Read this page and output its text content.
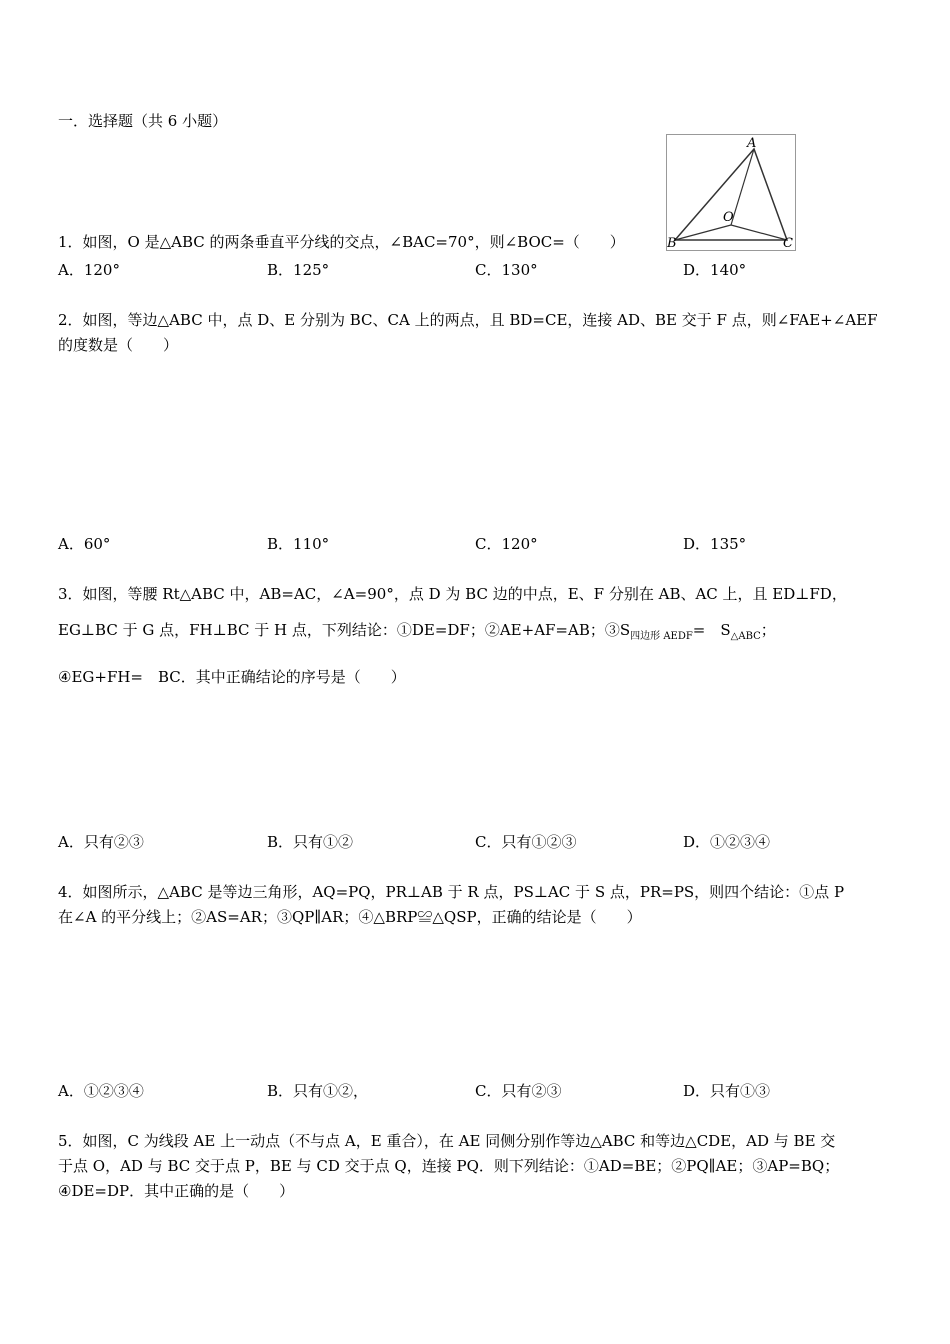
一．选择题（共 6 小题）
A
B	C
O
1．如图，O 是△ABC 的两条垂直平分线的交点，∠BAC=70°，则∠BOC=（　　）
A．120°	B．125°	C．130°	D．140°
2．如图，等边△ABC 中，点 D、E 分别为 BC、CA 上的两点，且 BD=CE，连接 AD、BE 交于 F 点，则∠FAE+∠AEF
的度数是（　　）
A．60°	B．110°	C．120°	D．135°
3．如图，等腰 Rt△ABC 中，AB=AC，∠A=90°，点 D 为 BC 边的中点，E、F 分别在 AB、AC 上，且 ED⊥FD，
EG⊥BC 于 G 点，FH⊥BC 于 H 点，下列结论：①DE=DF；②AE+AF=AB；$③S_{四边形 AEDF}=$　$S_{\triangle ABC}$；
④EG+FH=　BC．其中正确结论的序号是（　　）
A．只有②③	B．只有①②	C．只有①②③	D．①②③④
4．如图所示，△ABC 是等边三角形，AQ=PQ，PR⊥AB 于 R 点，PS⊥AC 于 S 点，PR=PS，则四个结论：①点 P
在∠A 的平分线上；②AS=AR；③QP∥AR；④△BRP≌△QSP，正确的结论是（　　）
A．①②③④	B．只有①②，	C．只有②③	D．只有①③
5．如图，C 为线段 AE 上一动点（不与点 A，E 重合），在 AE 同侧分别作等边△ABC 和等边△CDE，AD 与 BE 交
于点 O，AD 与 BC 交于点 P，BE 与 CD 交于点 Q，连接 PQ．则下列结论：①AD=BE；②PQ∥AE；③AP=BQ；
④DE=DP．其中正确的是（　　）
